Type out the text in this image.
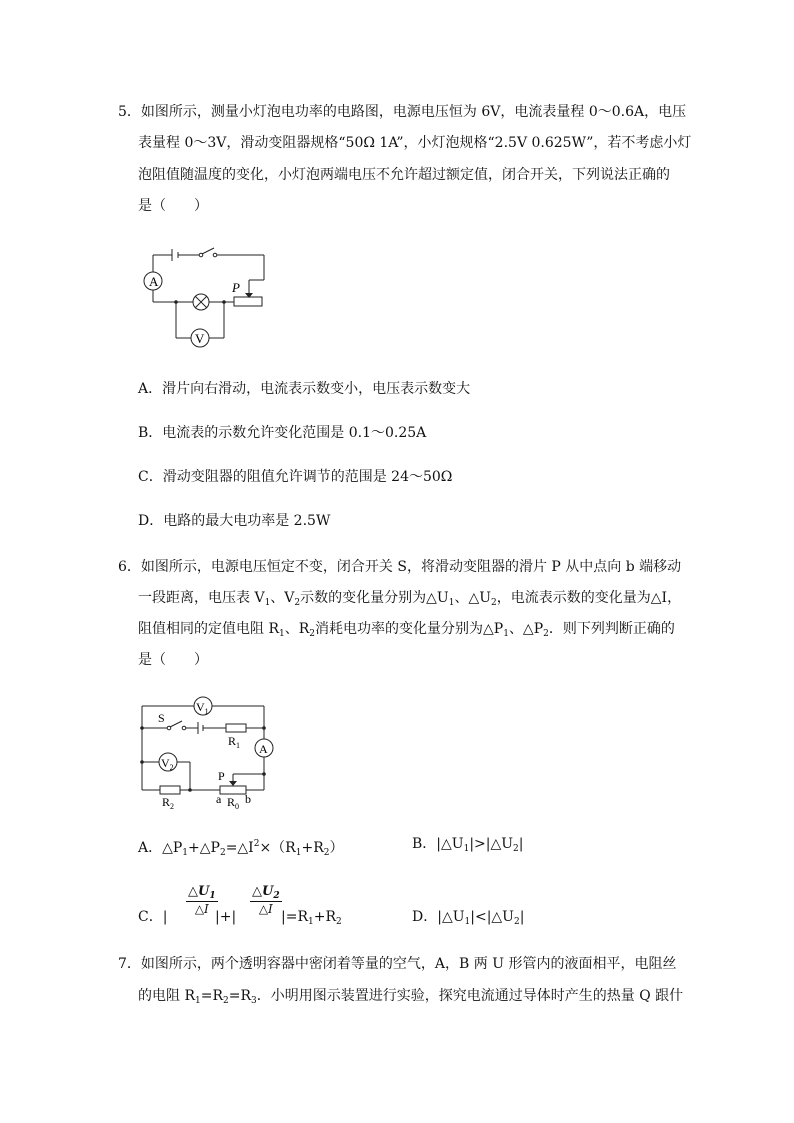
5．如图所示，测量小灯泡电功率的电路图，电源电压恒为 6V，电流表量程 0～0.6A，电压
表量程 0～3V，滑动变阻器规格“50Ω 1A”，小灯泡规格“2.5V 0.625W”，若不考虑小灯
泡阻值随温度的变化，小灯泡两端电压不允许超过额定值，闭合开关，下列说法正确的
是（　　）
A
V
P
A．滑片向右滑动，电流表示数变小，电压表示数变大
B．电流表的示数允许变化范围是 0.1～0.25A
C．滑动变阻器的阻值允许调节的范围是 24～50Ω
D．电路的最大电功率是 2.5W
6．如图所示，电源电压恒定不变，闭合开关 S，将滑动变阻器的滑片 P 从中点向 b 端移动
一段距离，电压表 $V_1$、$V_2$示数的变化量分别为$\triangle U_1$、$\triangle U_2$，电流表示数的变化量为△I，
阻值相同的定值电阻 $R_1$、$R_2$消耗电功率的变化量分别为$\triangle P_1$、$\triangle P_2$．则下列判断正确的
是（　　）
$V_1$
$V_2$
A
S
$R_1$
$R_2$
P
a $R_0$
b
A．$\triangle P_1+\triangle P_2=\triangle I^2\times(R_1+R_2)$	B．$|\triangle U_1|>|\triangle U_2|$
C．|
$\frac{\triangle U_1}{\triangle I}$
|+|
$\frac{\triangle U_2}{\triangle I}$
$|=R_1+R_2$	D．$|\triangle U_1|<|\triangle U_2|$
7．如图所示，两个透明容器中密闭着等量的空气，A，B 两 U 形管内的液面相平，电阻丝
的电阻 $R_1=R_2=R_3$．小明用图示装置进行实验，探究电流通过导体时产生的热量 Q 跟什
